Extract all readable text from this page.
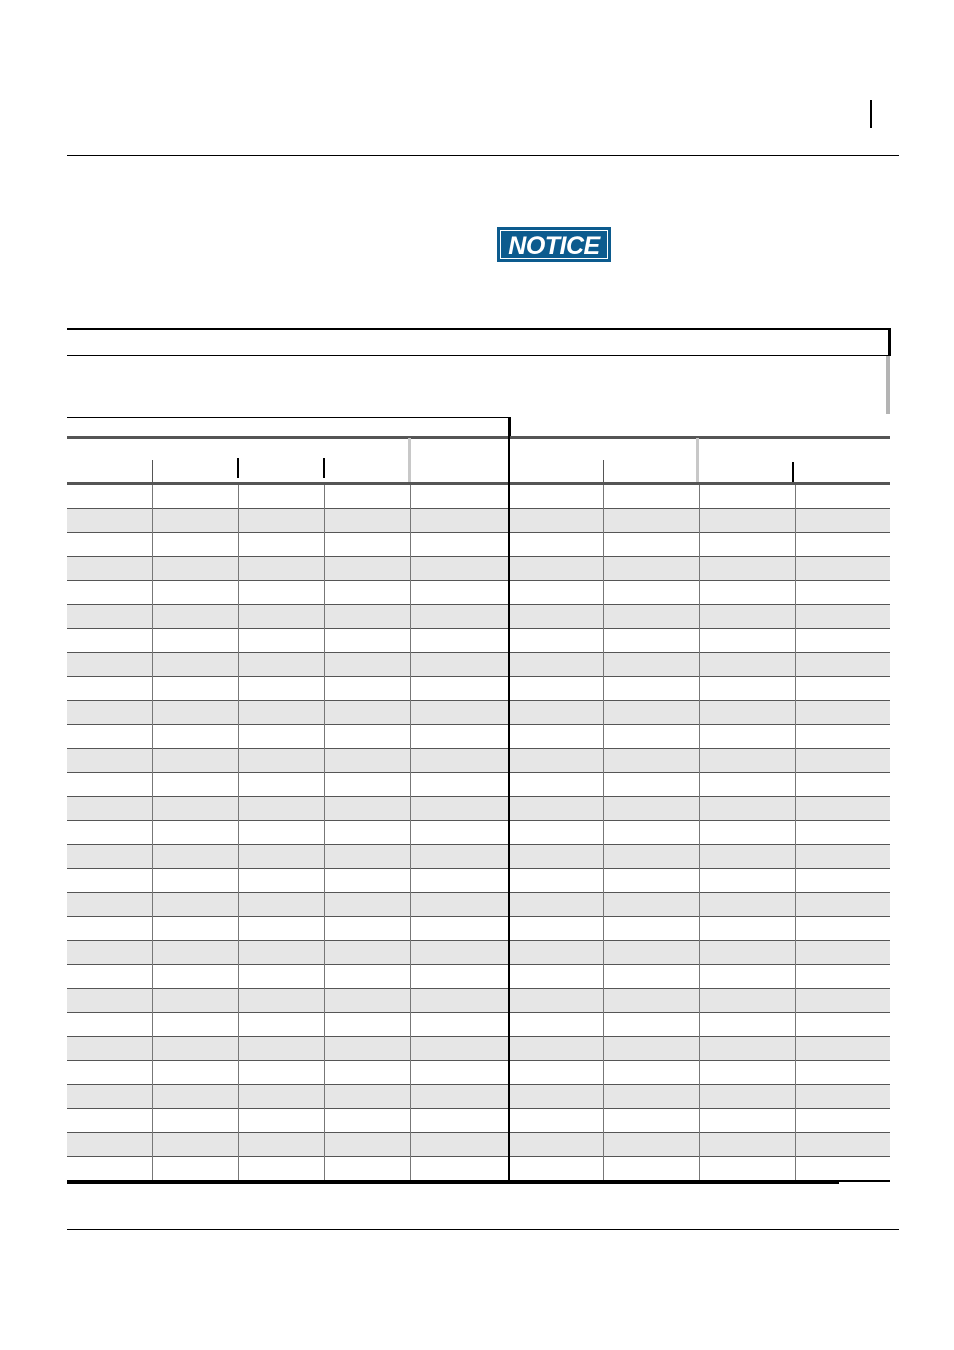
NOTICE
